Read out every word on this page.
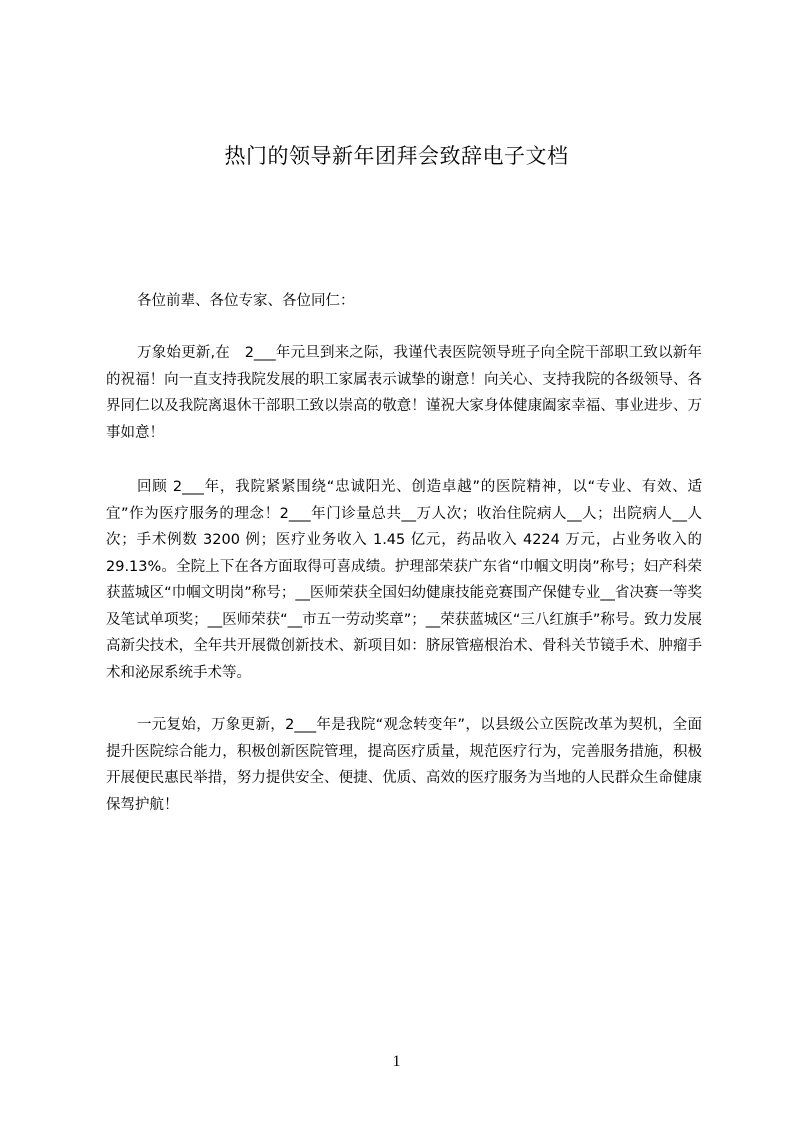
热门的领导新年团拜会致辞电子文档

各位前辈、各位专家、各位同仁：

万象始更新,在　2___年元旦到来之际，我谨代表医院领导班子向全院干部职工致以新年的祝福！向一直支持我院发展的职工家属表示诚挚的谢意！向关心、支持我院的各级领导、各界同仁以及我院离退休干部职工致以崇高的敬意！谨祝大家身体健康阖家幸福、事业进步、万事如意！

回顾 2___年，我院紧紧围绕“忠诚阳光、创造卓越”的医院精神，以“专业、有效、适宜”作为医疗服务的理念！2___年门诊量总共__万人次；收治住院病人__人；出院病人__人次；手术例数 3200 例；医疗业务收入 1.45 亿元，药品收入 4224 万元，占业务收入的 29.13%。全院上下在各方面取得可喜成绩。护理部荣获广东省“巾帼文明岗”称号；妇产科荣获蓝城区“巾帼文明岗”称号；__医师荣获全国妇幼健康技能竞赛围产保健专业__省决赛一等奖及笔试单项奖；__医师荣获“__市五一劳动奖章”；__荣获蓝城区“三八红旗手”称号。致力发展高新尖技术，全年共开展微创新技术、新项目如：脐尿管癌根治术、骨科关节镜手术、肿瘤手术和泌尿系统手术等。

一元复始，万象更新，2___年是我院“观念转变年”，以县级公立医院改革为契机，全面提升医院综合能力，积极创新医院管理，提高医疗质量，规范医疗行为，完善服务措施，积极开展便民惠民举措，努力提供安全、便捷、优质、高效的医疗服务为当地的人民群众生命健康保驾护航！

1
